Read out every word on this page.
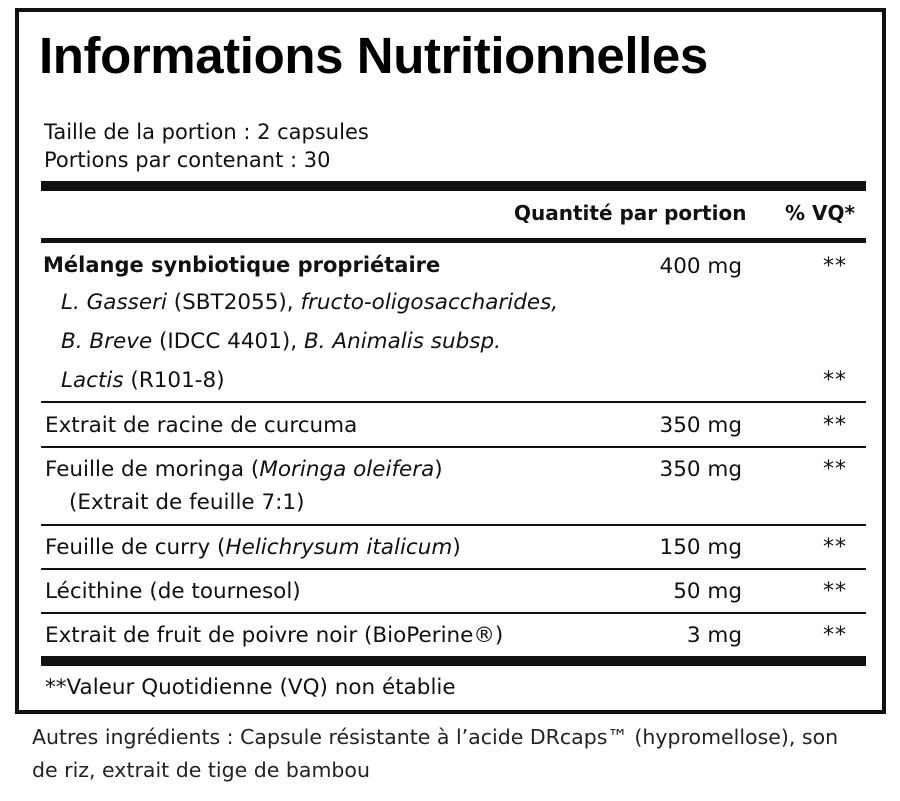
Informations Nutritionnelles
Taille de la portion : 2 capsules
Portions par contenant : 30
Quantité par portion % VQ*
Mélange synbiotique propriétaire	400 mg	**
L. Gasseri (SBT2055), fructo-oligosaccharides,
B. Breve (IDCC 4401), B. Animalis subsp.
Lactis (R101-8)	**
Extrait de racine de curcuma	350 mg	**
Feuille de moringa (Moringa oleifera)	350 mg	**
(Extrait de feuille 7:1)
Feuille de curry (Helichrysum italicum)	150 mg	**
Lécithine (de tournesol)	50 mg	**
Extrait de fruit de poivre noir (BioPerine®)	3 mg	**
**Valeur Quotidienne (VQ) non établie
Autres ingrédients : Capsule résistante à l’acide DRcaps™ (hypromellose), son
de riz, extrait de tige de bambou
